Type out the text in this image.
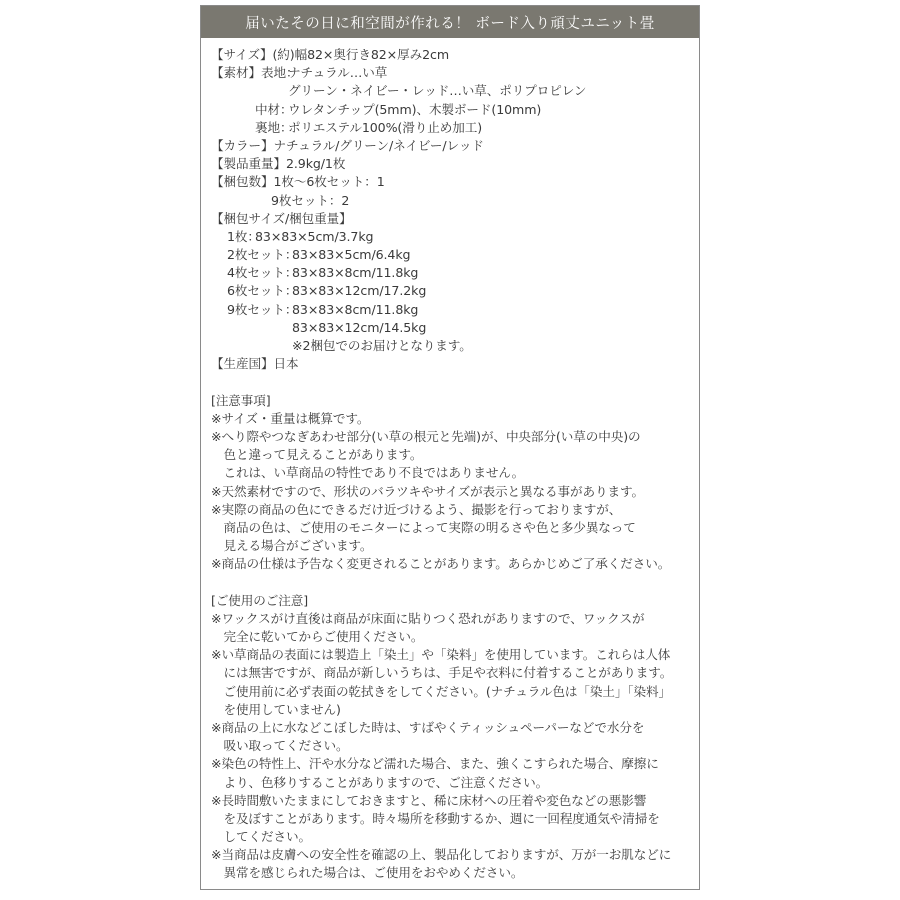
届いたその日に和空間が作れる！ ボード入り頑丈ユニット畳
【サイズ】(約)幅82×奥行き82×厚み2cm
【素材】表地：
ナチュラル…い草
グリーン・ネイビー・レッド…い草、ポリプロピレン
中材：
ウレタンチップ(5mm)、木製ボード(10mm)
裏地：
ポリエステル100%(滑り止め加工)
【カラー】ナチュラル/グリーン/ネイビー/レッド
【製品重量】2.9kg/1枚
【梱包数】1枚～6枚セット：1
9枚セット：2
【梱包サイズ/梱包重量】
1枚：
83×83×5cm/3.7kg
2枚セット：
83×83×5cm/6.4kg
4枚セット：
83×83×8cm/11.8kg
6枚セット：
83×83×12cm/17.2kg
9枚セット：
83×83×8cm/11.8kg
83×83×12cm/14.5kg
※2梱包でのお届けとなります。
【生産国】日本
[注意事項]
※サイズ・重量は概算です。
※へり際やつなぎあわせ部分(い草の根元と先端)が、中央部分(い草の中央)の
　色と違って見えることがあります。
　これは、い草商品の特性であり不良ではありません。
※天然素材ですので、形状のバラツキやサイズが表示と異なる事があります。
※実際の商品の色にできるだけ近づけるよう、撮影を行っておりますが、
　商品の色は、ご使用のモニターによって実際の明るさや色と多少異なって
　見える場合がございます。
※商品の仕様は予告なく変更されることがあります。あらかじめご了承ください。
[ご使用のご注意]
※ワックスがけ直後は商品が床面に貼りつく恐れがありますので、ワックスが
　完全に乾いてからご使用ください。
※い草商品の表面には製造上「染土」や「染料」を使用しています。これらは人体
　には無害ですが、商品が新しいうちは、手足や衣料に付着することがあります。
　ご使用前に必ず表面の乾拭きをしてください。(ナチュラル色は「染土」「染料」
　を使用していません)
※商品の上に水などこぼした時は、すばやくティッシュペーパーなどで水分を
　吸い取ってください。
※染色の特性上、汗や水分など濡れた場合、また、強くこすられた場合、摩擦に
　より、色移りすることがありますので、ご注意ください。
※長時間敷いたままにしておきますと、稀に床材への圧着や変色などの悪影響
　を及ぼすことがあります。時々場所を移動するか、週に一回程度通気や清掃を
　してください。
※当商品は皮膚への安全性を確認の上、製品化しておりますが、万が一お肌などに
　異常を感じられた場合は、ご使用をおやめください。
